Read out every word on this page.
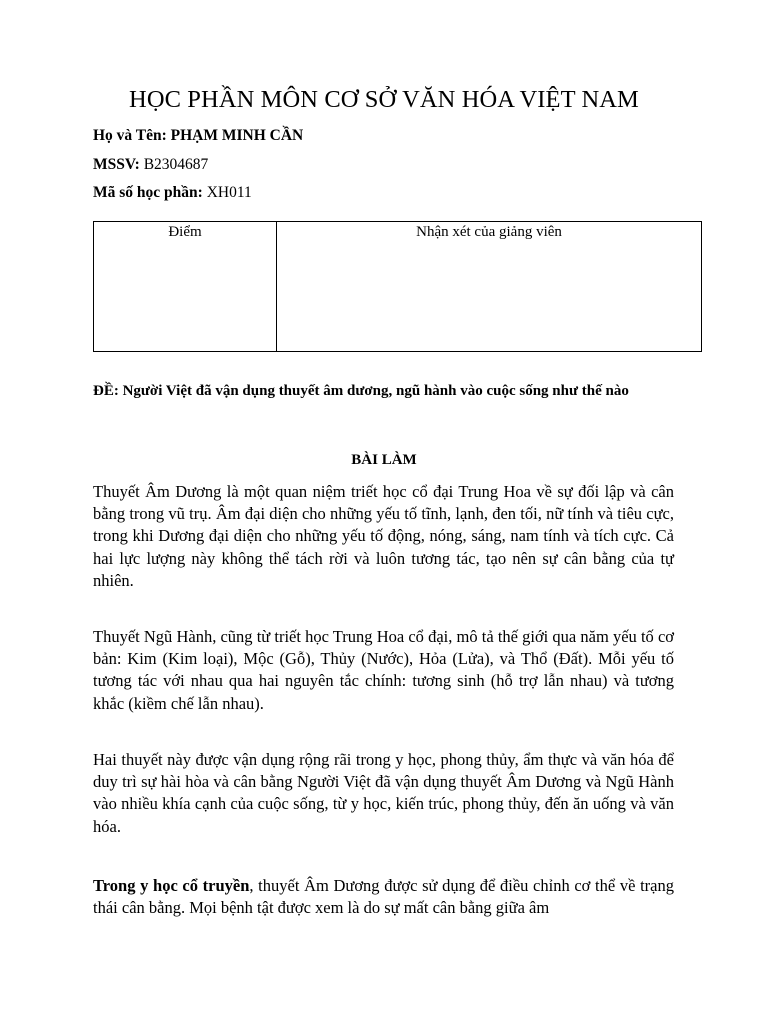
HỌC PHẦN MÔN CƠ SỞ VĂN HÓA VIỆT NAM
Họ và Tên: PHẠM MINH CẦN
MSSV: B2304687
Mã số học phần: XH011
Điểm	Nhận xét của giảng viên
ĐỀ: Người Việt đã vận dụng thuyết âm dương, ngũ hành vào cuộc sống như thế nào
BÀI LÀM

Thuyết Âm Dương là một quan niệm triết học cổ đại Trung Hoa về sự đối lập và cân bằng trong vũ trụ. Âm đại diện cho những yếu tố tĩnh, lạnh, đen tối, nữ tính và tiêu cực, trong khi Dương đại diện cho những yếu tố động, nóng, sáng, nam tính và tích cực. Cả hai lực lượng này không thể tách rời và luôn tương tác, tạo nên sự cân bằng của tự nhiên.

Thuyết Ngũ Hành, cũng từ triết học Trung Hoa cổ đại, mô tả thế giới qua năm yếu tố cơ bản: Kim (Kim loại), Mộc (Gỗ), Thủy (Nước), Hỏa (Lửa), và Thổ (Đất). Mỗi yếu tố tương tác với nhau qua hai nguyên tắc chính: tương sinh (hỗ trợ lẫn nhau) và tương khắc (kiềm chế lẫn nhau).

Hai thuyết này được vận dụng rộng rãi trong y học, phong thủy, ẩm thực và văn hóa để duy trì sự hài hòa và cân bằng Người Việt đã vận dụng thuyết Âm Dương và Ngũ Hành vào nhiều khía cạnh của cuộc sống, từ y học, kiến trúc, phong thủy, đến ăn uống và văn hóa.

Trong y học cổ truyền, thuyết Âm Dương được sử dụng để điều chỉnh cơ thể về trạng thái cân bằng. Mọi bệnh tật được xem là do sự mất cân bằng giữa âm
